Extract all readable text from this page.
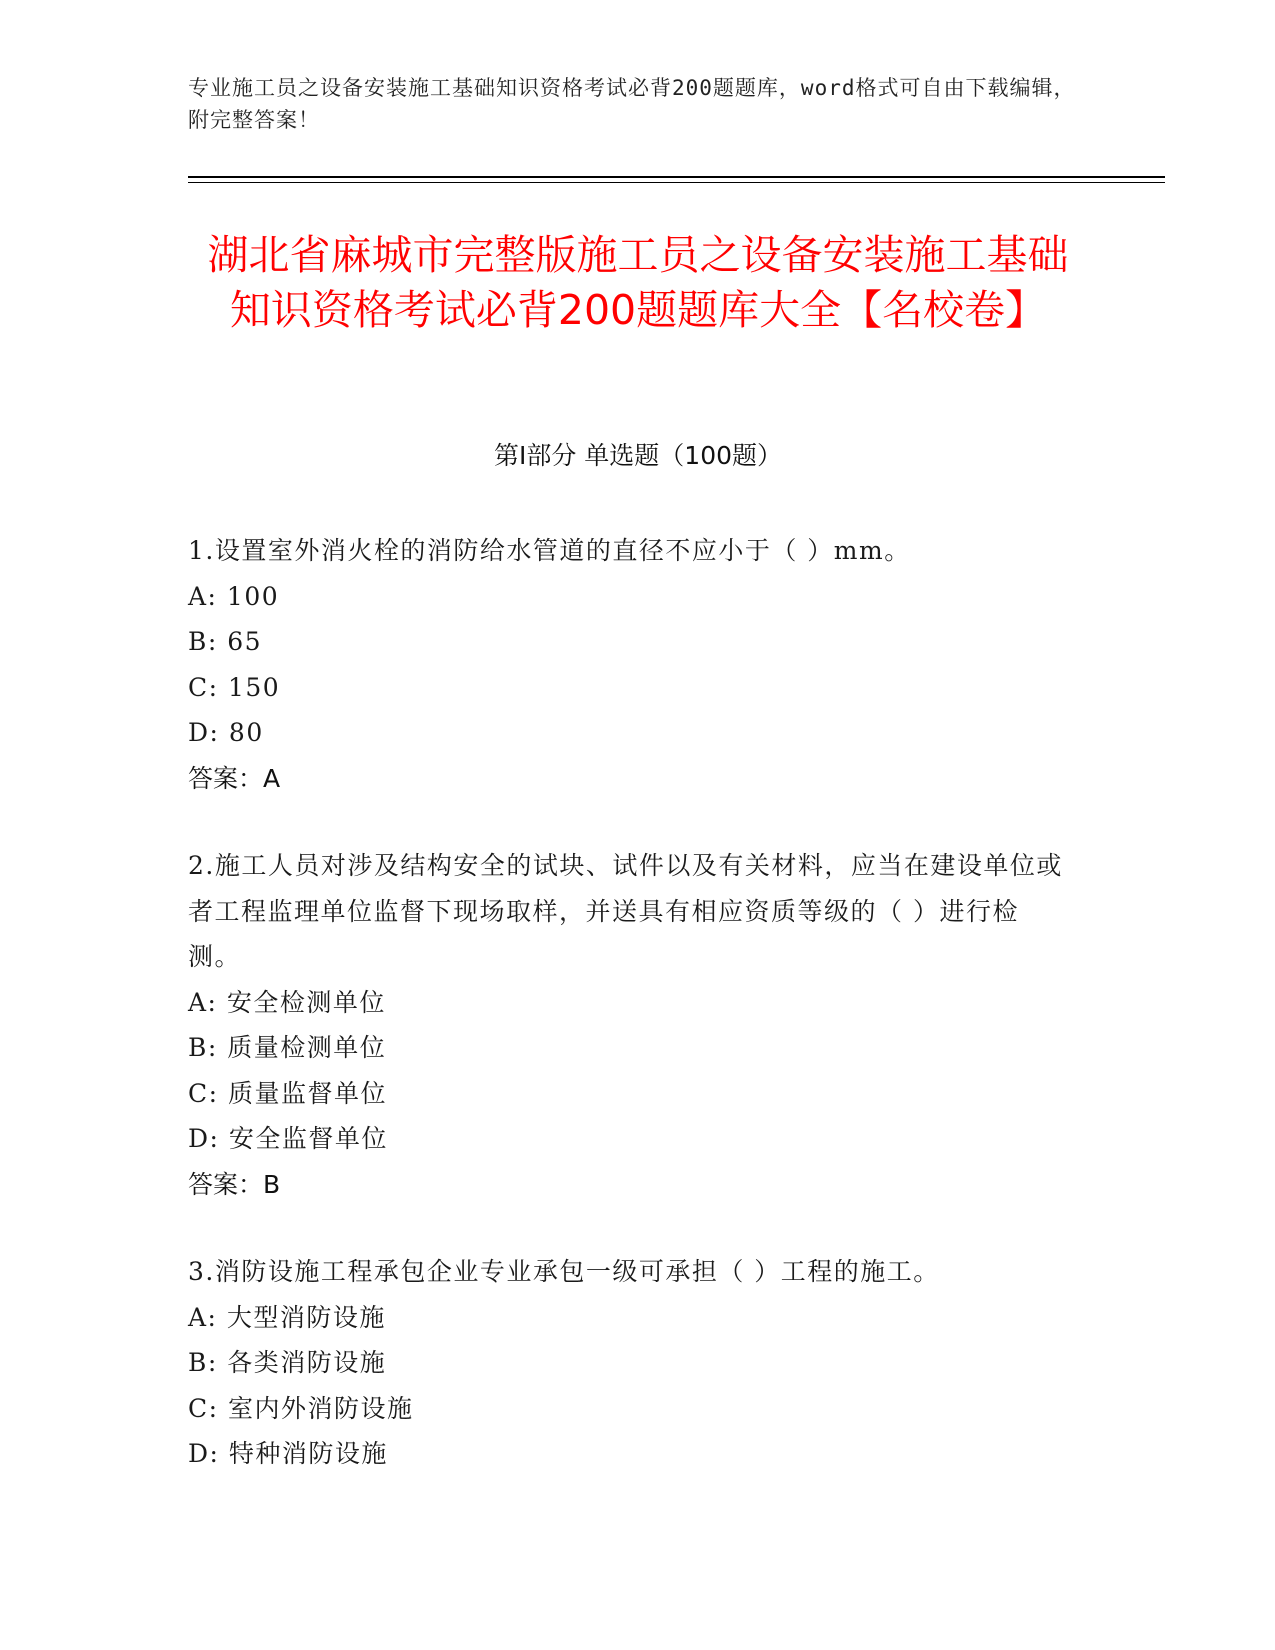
专业施工员之设备安装施工基础知识资格考试必背200题题库，word格式可自由下载编辑，附完整答案！
湖北省麻城市完整版施工员之设备安装施工基础知识资格考试必背200题题库大全【名校卷】
第I部分 单选题（100题）
1.设置室外消火栓的消防给水管道的直径不应小于（ ）mm。
A: 100
B: 65
C: 150
D: 80
答案：A
2.施工人员对涉及结构安全的试块、试件以及有关材料，应当在建设单位或者工程监理单位监督下现场取样，并送具有相应资质等级的（ ）进行检测。
A: 安全检测单位
B: 质量检测单位
C: 质量监督单位
D: 安全监督单位
答案：B
3.消防设施工程承包企业专业承包一级可承担（ ）工程的施工。
A: 大型消防设施
B: 各类消防设施
C: 室内外消防设施
D: 特种消防设施
